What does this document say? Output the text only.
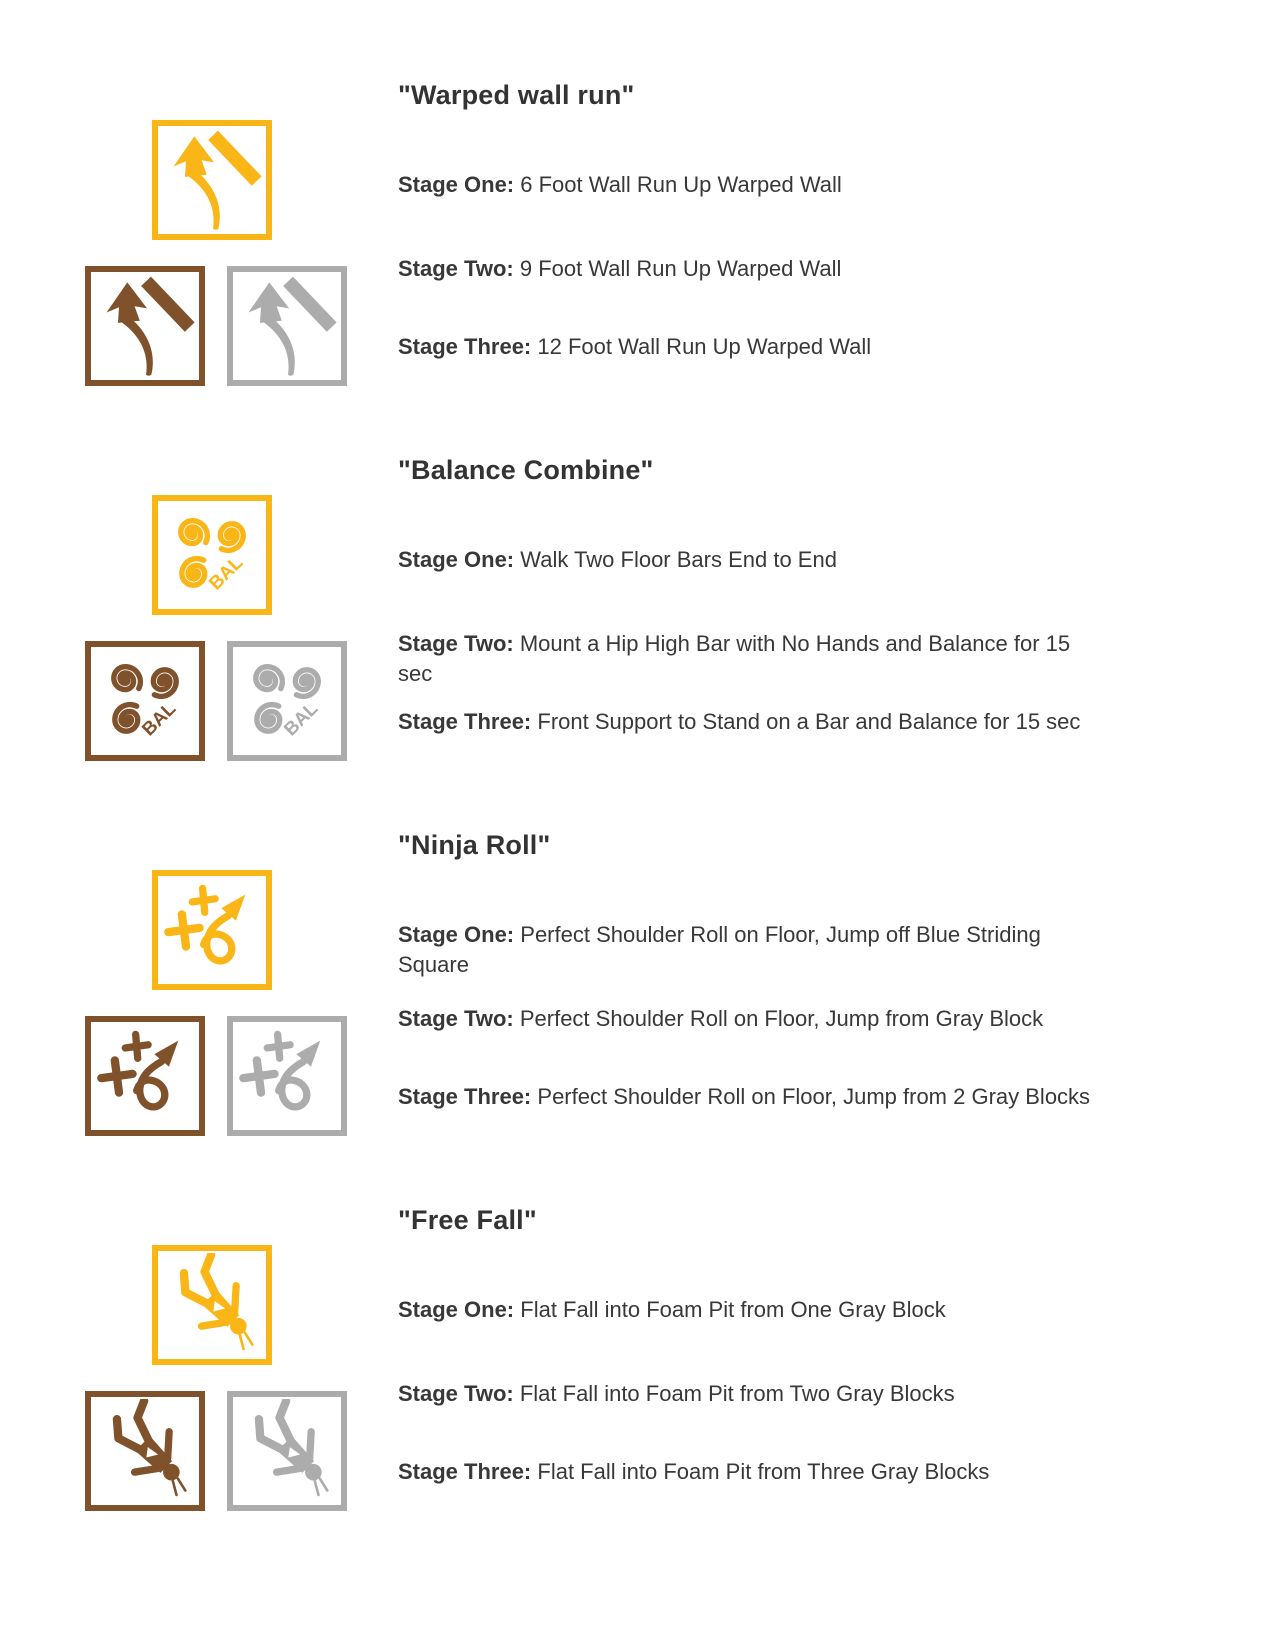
"Warped wall run"

Stage One: 6 Foot Wall Run Up Warped Wall

Stage Two: 9 Foot Wall Run Up Warped Wall

Stage Three: 12 Foot Wall Run Up Warped Wall

"Balance Combine"

Stage One: Walk Two Floor Bars End to End

Stage Two: Mount a Hip High Bar with No Hands and Balance for 15 sec

Stage Three: Front Support to Stand on a Bar and Balance for 15 sec

"Ninja Roll"

Stage One: Perfect Shoulder Roll on Floor, Jump off Blue Striding Square

Stage Two: Perfect Shoulder Roll on Floor, Jump from Gray Block

Stage Three: Perfect Shoulder Roll on Floor, Jump from 2 Gray Blocks

"Free Fall"

Stage One: Flat Fall into Foam Pit from One Gray Block

Stage Two: Flat Fall into Foam Pit from Two Gray Blocks

Stage Three: Flat Fall into Foam Pit from Three Gray Blocks
